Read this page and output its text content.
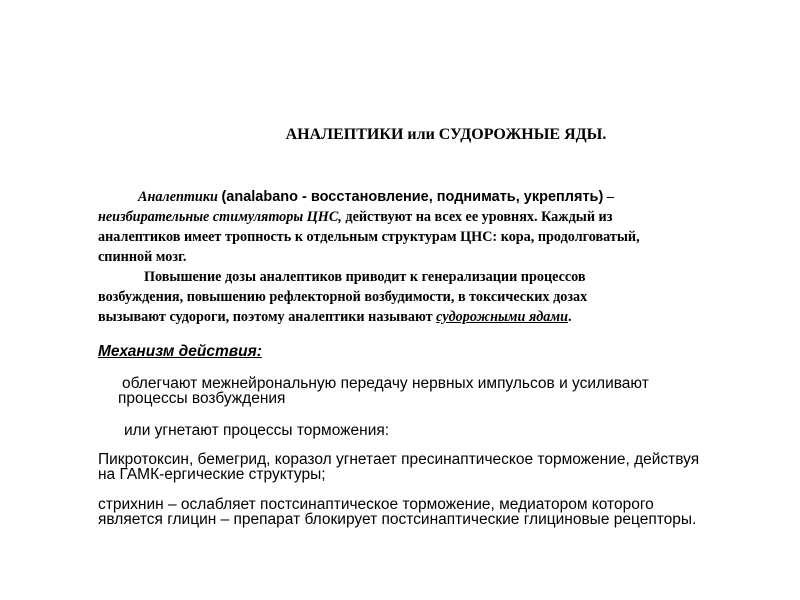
АНАЛЕПТИКИ или СУДОРОЖНЫЕ ЯДЫ.
Аналептики (analabano - восстановление, поднимать, укреплять) –
неизбирательные стимуляторы ЦНС, действуют на всех ее уровнях. Каждый из
аналептиков имеет тропность к отдельным структурам ЦНС: кора, продолговатый,
спинной мозг.
Повышение дозы аналептиков приводит к генерализации процессов
возбуждения, повышению рефлекторной возбудимости, в токсических дозах
вызывают судороги, поэтому аналептики называют судорожными ядами.
Механизм действия:
облегчают межнейрональную передачу нервных импульсов и усиливают
процессы возбуждения
или угнетают процессы торможения:
Пикротоксин, бемегрид, коразол угнетает пресинаптическое торможение, действуя
на ГАМК-ергические структуры;
стрихнин – ослабляет постсинаптическое торможение, медиатором которого
является глицин – препарат блокирует постсинаптические глициновые рецепторы.
